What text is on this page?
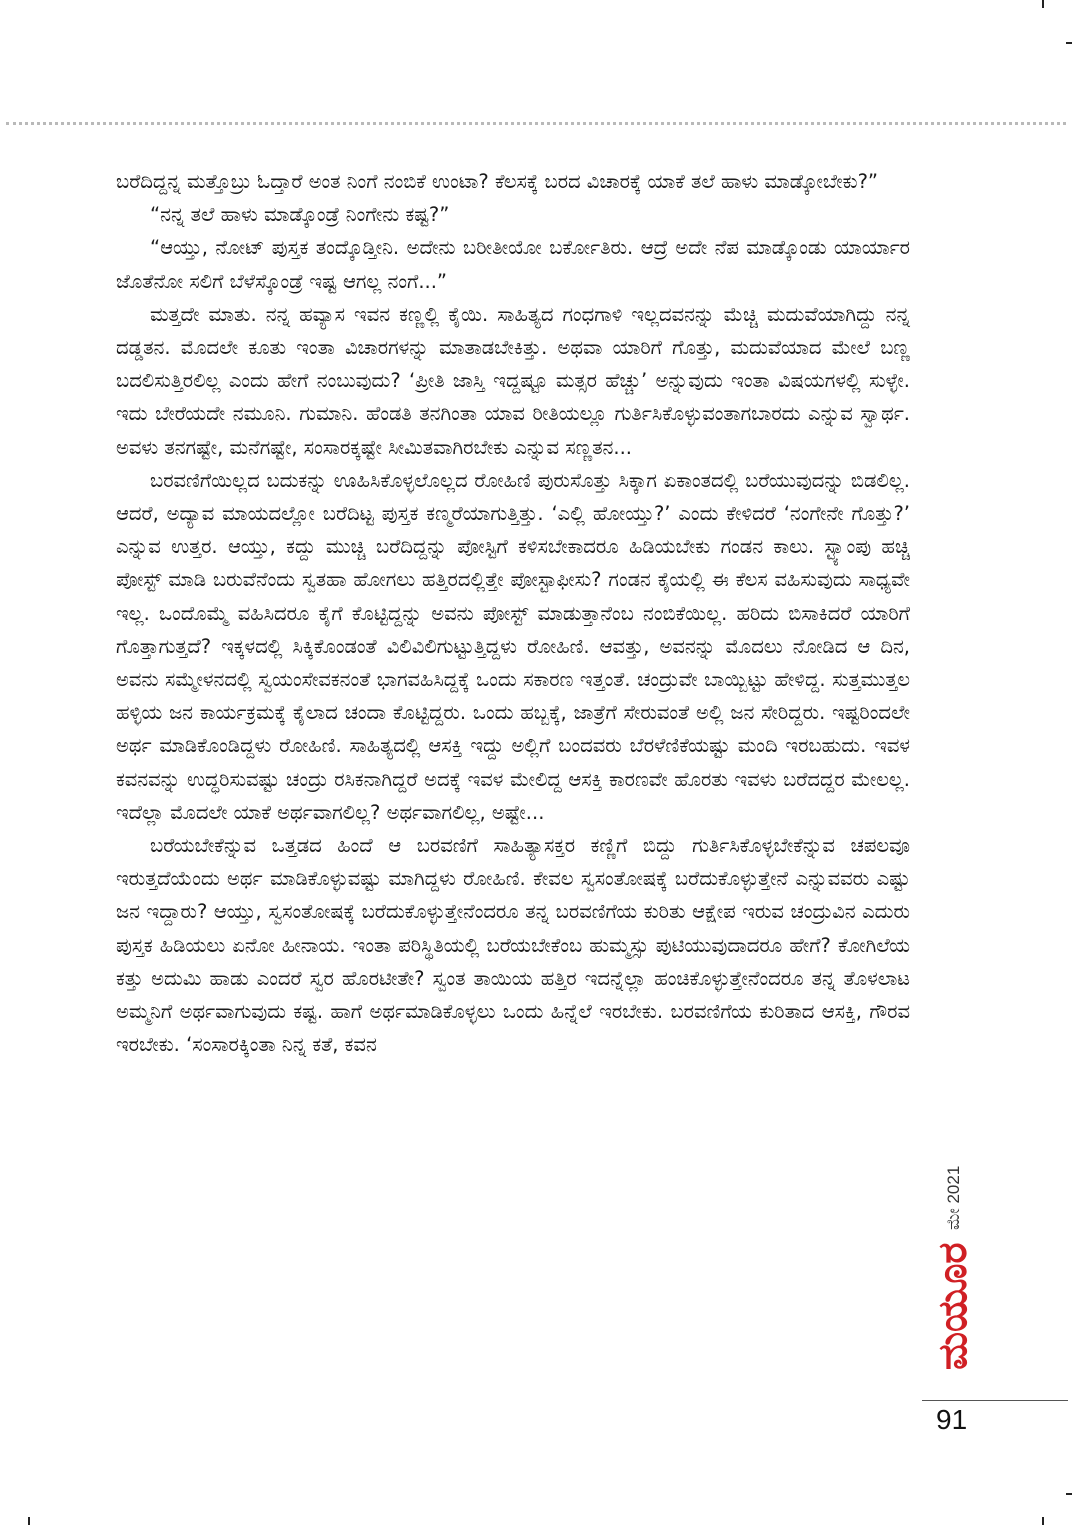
ಬರೆದಿದ್ದನ್ನ ಮತ್ತೊಬ್ರು ಓದ್ತಾರೆ ಅಂತ ನಿಂಗೆ ನಂಬಿಕೆ ಉಂಟಾ? ಕೆಲಸಕ್ಕೆ ಬರದ ವಿಚಾರಕ್ಕೆ ಯಾಕೆ ತಲೆ ಹಾಳು ಮಾಡ್ಕೋಬೇಕು?”

“ನನ್ನ ತಲೆ ಹಾಳು ಮಾಡ್ಕೊಂಡ್ರೆ ನಿಂಗೇನು ಕಷ್ಟ?”

“ಆಯ್ತು, ನೋಟ್ ಪುಸ್ತಕ ತಂದ್ಕೊಡ್ತೀನಿ. ಅದೇನು ಬರೀತೀಯೋ ಬರ್ಕೋತಿರು. ಆದ್ರೆ ಅದೇ ನೆಪ ಮಾಡ್ಕೊಂಡು ಯಾರ್ಯಾರ ಜೊತೆನೋ ಸಲಿಗೆ ಬೆಳೆಸ್ಕೊಂಡ್ರೆ ಇಷ್ಟ ಆಗಲ್ಲ ನಂಗೆ...”

ಮತ್ತದೇ ಮಾತು. ನನ್ನ ಹವ್ಯಾಸ ಇವನ ಕಣ್ಣಲ್ಲಿ ಕೈಯಿ. ಸಾಹಿತ್ಯದ ಗಂಧಗಾಳಿ ಇಲ್ಲದವನನ್ನು ಮೆಚ್ಚಿ ಮದುವೆಯಾಗಿದ್ದು ನನ್ನ ದಡ್ಡತನ. ಮೊದಲೇ ಕೂತು ಇಂತಾ ವಿಚಾರಗಳನ್ನು ಮಾತಾಡಬೇಕಿತ್ತು. ಅಥವಾ ಯಾರಿಗೆ ಗೊತ್ತು, ಮದುವೆಯಾದ ಮೇಲೆ ಬಣ್ಣ ಬದಲಿಸುತ್ತಿರಲಿಲ್ಲ ಎಂದು ಹೇಗೆ ನಂಬುವುದು? ‘ಪ್ರೀತಿ ಜಾಸ್ತಿ ಇದ್ದಷ್ಟೂ ಮತ್ಸರ ಹೆಚ್ಚು’ ಅನ್ನುವುದು ಇಂತಾ ವಿಷಯಗಳಲ್ಲಿ ಸುಳ್ಳೇ. ಇದು ಬೇರೆಯದೇ ನಮೂನಿ. ಗುಮಾನಿ. ಹೆಂಡತಿ ತನಗಿಂತಾ ಯಾವ ರೀತಿಯಲ್ಲೂ ಗುರ್ತಿಸಿಕೊಳ್ಳುವಂತಾಗಬಾರದು ಎನ್ನುವ ಸ್ವಾರ್ಥ. ಅವಳು ತನಗಷ್ಟೇ, ಮನೆಗಷ್ಟೇ, ಸಂಸಾರಕ್ಕಷ್ಟೇ ಸೀಮಿತವಾಗಿರಬೇಕು ಎನ್ನುವ ಸಣ್ಣತನ...

ಬರವಣಿಗೆಯಿಲ್ಲದ ಬದುಕನ್ನು ಊಹಿಸಿಕೊಳ್ಳಲೊಲ್ಲದ ರೋಹಿಣಿ ಪುರುಸೊತ್ತು ಸಿಕ್ಕಾಗ ಏಕಾಂತದಲ್ಲಿ ಬರೆಯುವುದನ್ನು ಬಿಡಲಿಲ್ಲ. ಆದರೆ, ಅದ್ಯಾವ ಮಾಯದಲ್ಲೋ ಬರೆದಿಟ್ಟ ಪುಸ್ತಕ ಕಣ್ಮರೆಯಾಗುತ್ತಿತ್ತು. ‘ಎಲ್ಲಿ ಹೋಯ್ತು?’ ಎಂದು ಕೇಳಿದರೆ ‘ನಂಗೇನೇ ಗೊತ್ತು?’ ಎನ್ನುವ ಉತ್ತರ. ಆಯ್ತು, ಕದ್ದು ಮುಚ್ಚಿ ಬರೆದಿದ್ದನ್ನು ಪೋಸ್ಟಿಗೆ ಕಳಿಸಬೇಕಾದರೂ ಹಿಡಿಯಬೇಕು ಗಂಡನ ಕಾಲು. ಸ್ಟ್ಯಾಂಪು ಹಚ್ಚಿ ಪೋಸ್ಟ್ ಮಾಡಿ ಬರುವೆನೆಂದು ಸ್ವತಹಾ ಹೋಗಲು ಹತ್ತಿರದಲ್ಲಿತ್ತೇ ಪೋಸ್ಟಾಫೀಸು? ಗಂಡನ ಕೈಯಲ್ಲಿ ಈ ಕೆಲಸ ವಹಿಸುವುದು ಸಾಧ್ಯವೇ ಇಲ್ಲ. ಒಂದೊಮ್ಮೆ ವಹಿಸಿದರೂ ಕೈಗೆ ಕೊಟ್ಟಿದ್ದನ್ನು ಅವನು ಪೋಸ್ಟ್ ಮಾಡುತ್ತಾನೆಂಬ ನಂಬಿಕೆಯಿಲ್ಲ. ಹರಿದು ಬಿಸಾಕಿದರೆ ಯಾರಿಗೆ ಗೊತ್ತಾಗುತ್ತದೆ? ಇಕ್ಕಳದಲ್ಲಿ ಸಿಕ್ಕಿಕೊಂಡಂತೆ ವಿಲಿವಿಲಿಗುಟ್ಟುತ್ತಿದ್ದಳು ರೋಹಿಣಿ. ಆವತ್ತು, ಅವನನ್ನು ಮೊದಲು ನೋಡಿದ ಆ ದಿನ, ಅವನು ಸಮ್ಮೇಳನದಲ್ಲಿ ಸ್ವಯಂಸೇವಕನಂತೆ ಭಾಗವಹಿಸಿದ್ದಕ್ಕೆ ಒಂದು ಸಕಾರಣ ಇತ್ತಂತೆ. ಚಂದ್ರುವೇ ಬಾಯ್ಬಿಟ್ಟು ಹೇಳಿದ್ದ. ಸುತ್ತಮುತ್ತಲ ಹಳ್ಳಿಯ ಜನ ಕಾರ್ಯಕ್ರಮಕ್ಕೆ ಕೈಲಾದ ಚಂದಾ ಕೊಟ್ಟಿದ್ದರು. ಒಂದು ಹಬ್ಬಕ್ಕೆ, ಜಾತ್ರೆಗೆ ಸೇರುವಂತೆ ಅಲ್ಲಿ ಜನ ಸೇರಿದ್ದರು. ಇಷ್ಟರಿಂದಲೇ ಅರ್ಥ ಮಾಡಿಕೊಂಡಿದ್ದಳು ರೋಹಿಣಿ. ಸಾಹಿತ್ಯದಲ್ಲಿ ಆಸಕ್ತಿ ಇದ್ದು ಅಲ್ಲಿಗೆ ಬಂದವರು ಬೆರಳೆಣಿಕೆಯಷ್ಟು ಮಂದಿ ಇರಬಹುದು. ಇವಳ ಕವನವನ್ನು ಉದ್ಧರಿಸುವಷ್ಟು ಚಂದ್ರು ರಸಿಕನಾಗಿದ್ದರೆ ಅದಕ್ಕೆ ಇವಳ ಮೇಲಿದ್ದ ಆಸಕ್ತಿ ಕಾರಣವೇ ಹೊರತು ಇವಳು ಬರೆದದ್ದರ ಮೇಲಲ್ಲ. ಇದೆಲ್ಲಾ ಮೊದಲೇ ಯಾಕೆ ಅರ್ಥವಾಗಲಿಲ್ಲ? ಅರ್ಥವಾಗಲಿಲ್ಲ, ಅಷ್ಟೇ...

ಬರೆಯಬೇಕೆನ್ನುವ ಒತ್ತಡದ ಹಿಂದೆ ಆ ಬರವಣಿಗೆ ಸಾಹಿತ್ಯಾಸಕ್ತರ ಕಣ್ಣಿಗೆ ಬಿದ್ದು ಗುರ್ತಿಸಿಕೊಳ್ಳಬೇಕೆನ್ನುವ ಚಪಲವೂ ಇರುತ್ತದೆಯೆಂದು ಅರ್ಥ ಮಾಡಿಕೊಳ್ಳುವಷ್ಟು ಮಾಗಿದ್ದಳು ರೋಹಿಣಿ. ಕೇವಲ ಸ್ವಸಂತೋಷಕ್ಕೆ ಬರೆದುಕೊಳ್ಳುತ್ತೇನೆ ಎನ್ನುವವರು ಎಷ್ಟು ಜನ ಇದ್ದಾರು? ಆಯ್ತು, ಸ್ವಸಂತೋಷಕ್ಕೆ ಬರೆದುಕೊಳ್ಳುತ್ತೇನೆಂದರೂ ತನ್ನ ಬರವಣಿಗೆಯ ಕುರಿತು ಆಕ್ಷೇಪ ಇರುವ ಚಂದ್ರುವಿನ ಎದುರು ಪುಸ್ತಕ ಹಿಡಿಯಲು ಏನೋ ಹೀನಾಯ. ಇಂತಾ ಪರಿಸ್ಥಿತಿಯಲ್ಲಿ ಬರೆಯಬೇಕೆಂಬ ಹುಮ್ಮಸ್ಸು ಪುಟಿಯುವುದಾದರೂ ಹೇಗೆ? ಕೋಗಿಲೆಯ ಕತ್ತು ಅದುಮಿ ಹಾಡು ಎಂದರೆ ಸ್ವರ ಹೊರಟೀತೇ? ಸ್ವಂತ ತಾಯಿಯ ಹತ್ತಿರ ಇದನ್ನೆಲ್ಲಾ ಹಂಚಿಕೊಳ್ಳುತ್ತೇನೆಂದರೂ ತನ್ನ ತೊಳಲಾಟ ಅಮ್ಮನಿಗೆ ಅರ್ಥವಾಗುವುದು ಕಷ್ಟ. ಹಾಗೆ ಅರ್ಥಮಾಡಿಕೊಳ್ಳಲು ಒಂದು ಹಿನ್ನೆಲೆ ಇರಬೇಕು. ಬರವಣಿಗೆಯ ಕುರಿತಾದ ಆಸಕ್ತಿ, ಗೌರವ ಇರಬೇಕು. ‘ಸಂಸಾರಕ್ಕಿಂತಾ ನಿನ್ನ ಕತೆ, ಕವನ

ಮೇ 2021
ಮಯೂರ
91
